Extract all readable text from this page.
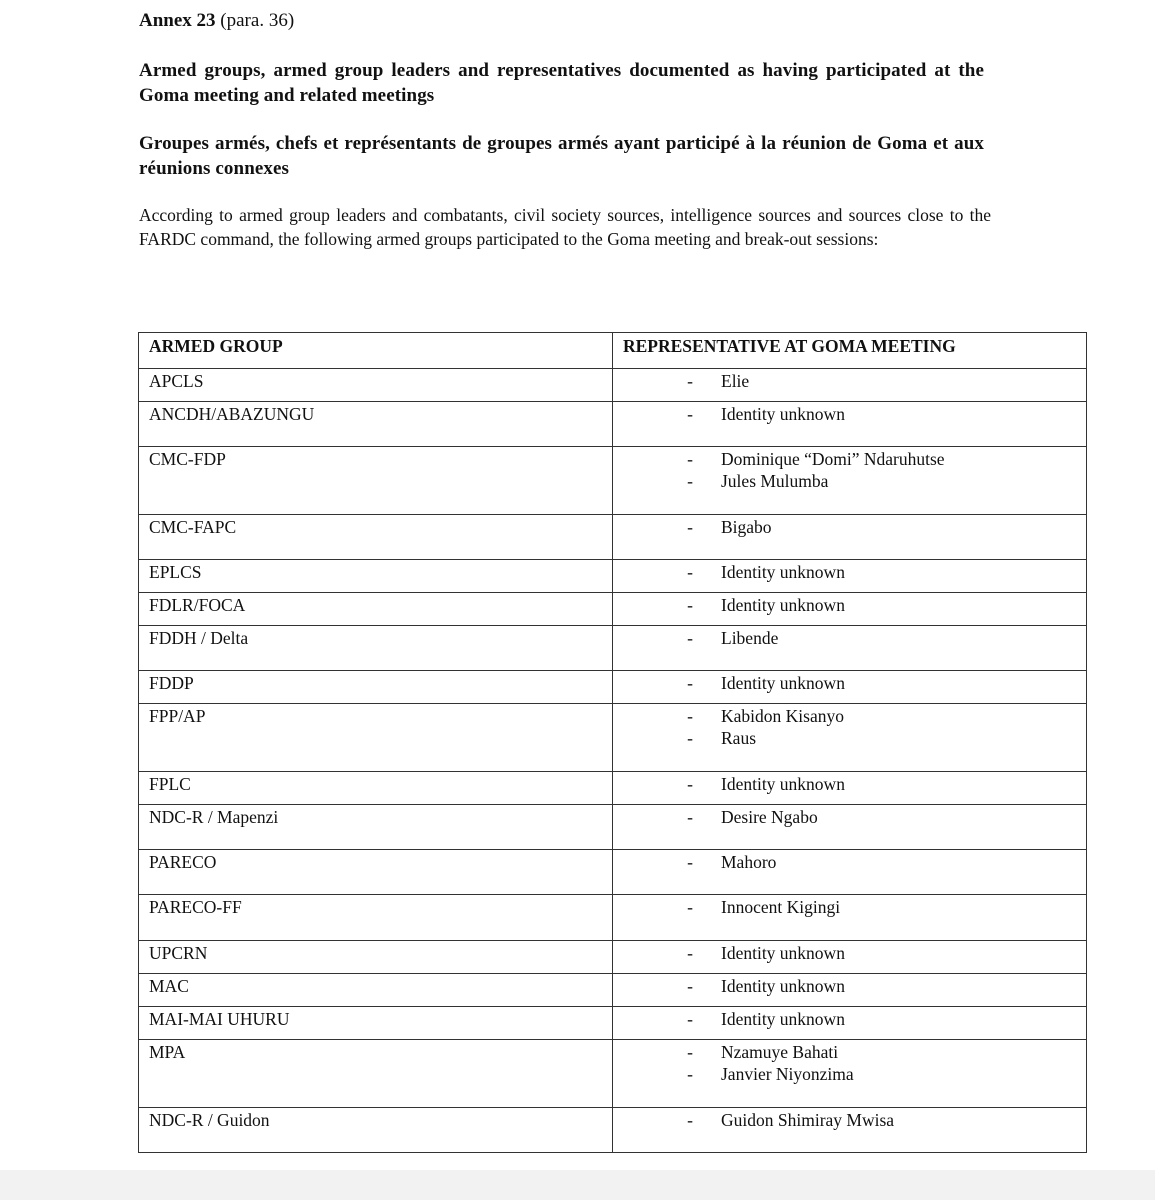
Annex 23 (para. 36)
Armed groups, armed group leaders and representatives documented as having participated at the Goma meeting and related meetings
Groupes armés, chefs et représentants de groupes armés ayant participé à la réunion de Goma et aux réunions connexes
According to armed group leaders and combatants, civil society sources, intelligence sources and sources close to the FARDC command, the following armed groups participated to the Goma meeting and break-out sessions:
ARMED GROUP	REPRESENTATIVE AT GOMA MEETING
APCLS	- Elie

ANCDH/ABAZUNGU	- Identity unknown

CMC-FDP	- Dominique “Domi” Ndaruhutse
- Jules Mulumba

CMC-FAPC	- Bigabo

EPLCS	- Identity unknown

FDLR/FOCA	- Identity unknown

FDDH / Delta	- Libende

FDDP	- Identity unknown

FPP/AP	- Kabidon Kisanyo
- Raus

FPLC	- Identity unknown

NDC-R / Mapenzi	- Desire Ngabo

PARECO	- Mahoro

PARECO-FF	- Innocent Kigingi

UPCRN	- Identity unknown

MAC	- Identity unknown

MAI-MAI UHURU	- Identity unknown

MPA	- Nzamuye Bahati
- Janvier Niyonzima

NDC-R / Guidon	- Guidon Shimiray Mwisa
